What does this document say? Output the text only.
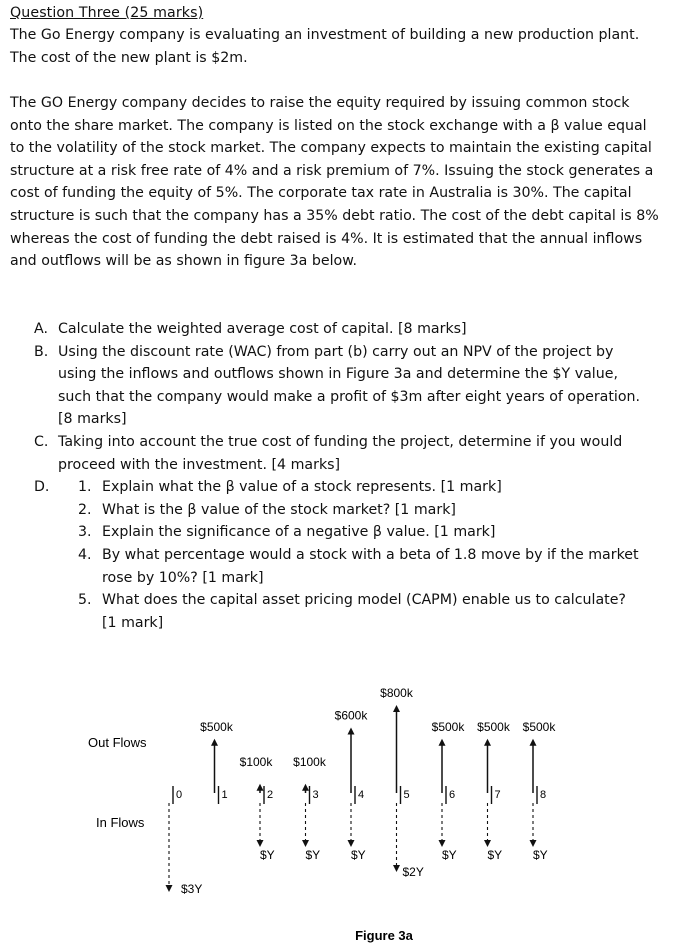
Question Three (25 marks)

The Go Energy company is evaluating an investment of building a new production plant. The cost of the new plant is $2m.

The GO Energy company decides to raise the equity required by issuing common stock onto the share market. The company is listed on the stock exchange with a β value equal to the volatility of the stock market. The company expects to maintain the existing capital structure at a risk free rate of 4% and a risk premium of 7%. Issuing the stock generates a cost of funding the equity of 5%. The corporate tax rate in Australia is 30%. The capital structure is such that the company has a 35% debt ratio. The cost of the debt capital is 8% whereas the cost of funding the debt raised is 4%. It is estimated that the annual inflows and outflows will be as shown in figure 3a below.

A. Calculate the weighted average cost of capital. [8 marks]
B. Using the discount rate (WAC) from part (b) carry out an NPV of the project by using the inflows and outflows shown in Figure 3a and determine the $Y value, such that the company would make a profit of $3m after eight years of operation. [8 marks]
C. Taking into account the true cost of funding the project, determine if you would proceed with the investment. [4 marks]
D. 1. Explain what the β value of a stock represents. [1 mark]
2. What is the β value of the stock market? [1 mark]
3. Explain the significance of a negative β value. [1 mark]
4. By what percentage would a stock with a beta of 1.8 move by if the market rose by 10%? [1 mark]
5. What does the capital asset pricing model (CAPM) enable us to calculate? [1 mark]
Out Flows
In Flows
Figure 3a
0	1	2	3	4	5	6	7	8
$500k
$100k $100k
$600k
$800k
$500k $500k $500k
$3Y
$Y	$Y	$Y
$2Y
$Y	$Y	$Y
